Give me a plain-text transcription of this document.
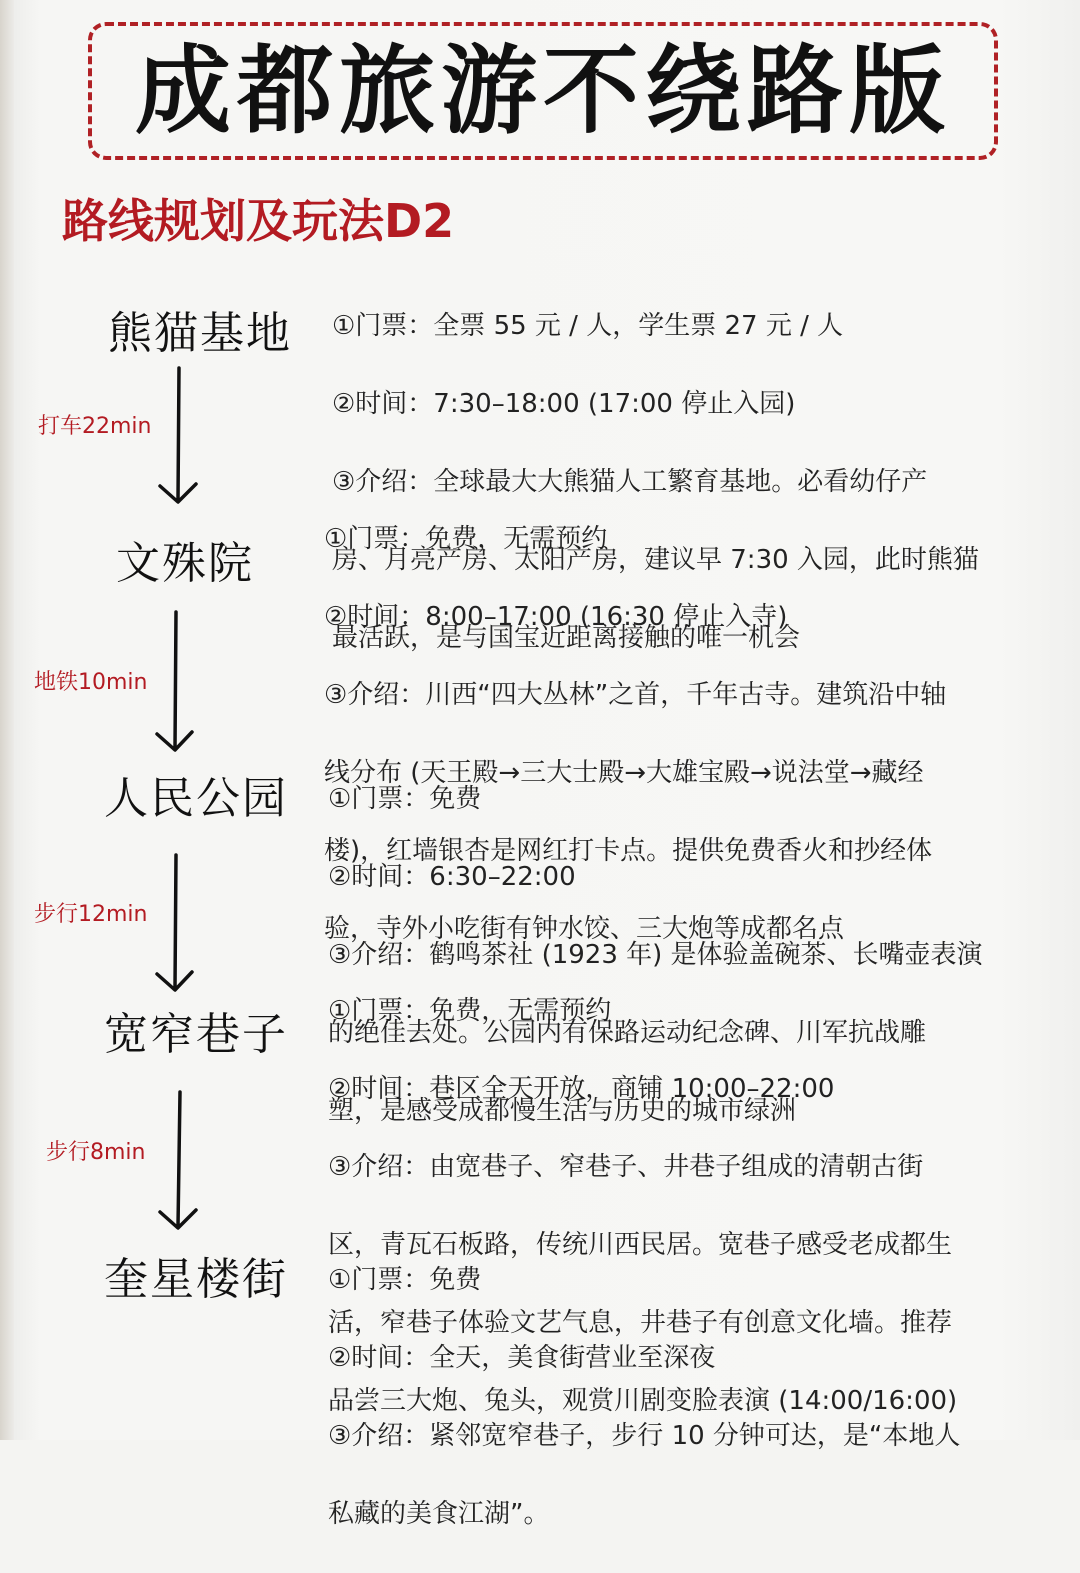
成都旅游不绕路版
路线规划及玩法D2
熊猫基地
文殊院
人民公园
宽窄巷子
奎星楼街
打车22min
地铁10min
步行12min
步行8min

①门票：全票 55 元 / 人，学生票 27 元 / 人

②时间：7:30–18:00 (17:00 停止入园)

③介绍：全球最大大熊猫人工繁育基地。必看幼仔产

房、月亮产房、太阳产房，建议早 7:30 入园，此时熊猫

最活跃，是与国宝近距离接触的唯一机会

①门票：免费，无需预约

②时间：8:00–17:00 (16:30 停止入寺)

③介绍：川西“四大丛林”之首，千年古寺。建筑沿中轴

线分布 (天王殿→三大士殿→大雄宝殿→说法堂→藏经

楼)，红墙银杏是网红打卡点。提供免费香火和抄经体

验，寺外小吃街有钟水饺、三大炮等成都名点

①门票：免费

②时间：6:30–22:00

③介绍：鹤鸣茶社 (1923 年) 是体验盖碗茶、长嘴壶表演

的绝佳去处。公园内有保路运动纪念碑、川军抗战雕

塑，是感受成都慢生活与历史的城市绿洲

①门票：免费，无需预约

②时间：巷区全天开放，商铺 10:00–22:00

③介绍：由宽巷子、窄巷子、井巷子组成的清朝古街

区，青瓦石板路，传统川西民居。宽巷子感受老成都生

活，窄巷子体验文艺气息，井巷子有创意文化墙。推荐

品尝三大炮、兔头，观赏川剧变脸表演 (14:00/16:00)

①门票：免费

②时间：全天，美食街营业至深夜

③介绍：紧邻宽窄巷子，步行 10 分钟可达，是“本地人

私藏的美食江湖”。
